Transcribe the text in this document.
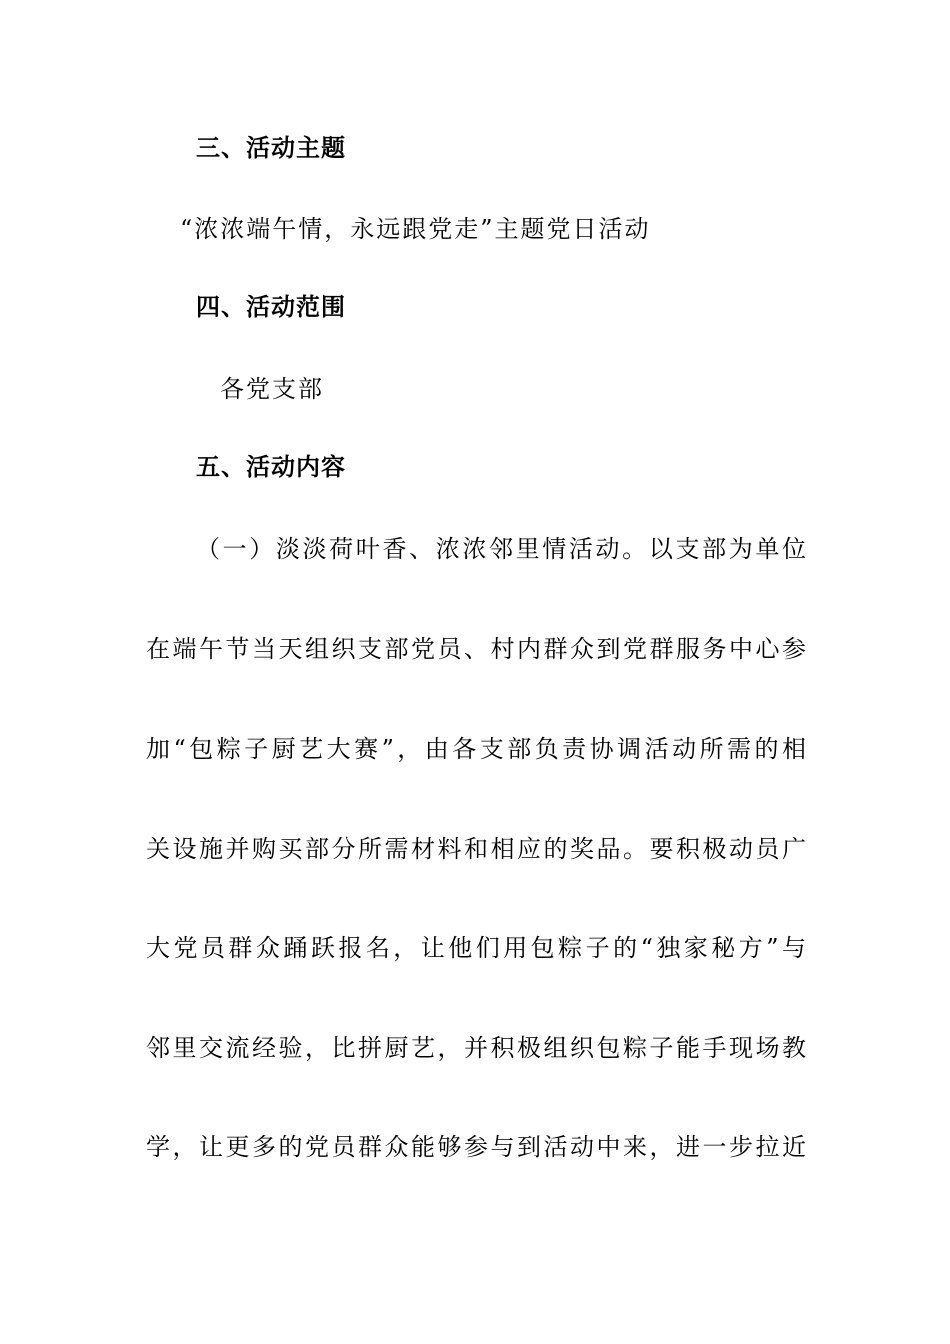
三、活动主题
“浓浓端午情，永远跟党走”主题党日活动
四、活动范围
各党支部
五、活动内容
（一）淡淡荷叶香、浓浓邻里情活动。以支部为单位
在端午节当天组织支部党员、村内群众到党群服务中心参
加“包粽子厨艺大赛”，由各支部负责协调活动所需的相
关设施并购买部分所需材料和相应的奖品。要积极动员广
大党员群众踊跃报名，让他们用包粽子的“独家秘方”与
邻里交流经验，比拼厨艺，并积极组织包粽子能手现场教
学，让更多的党员群众能够参与到活动中来，进一步拉近
